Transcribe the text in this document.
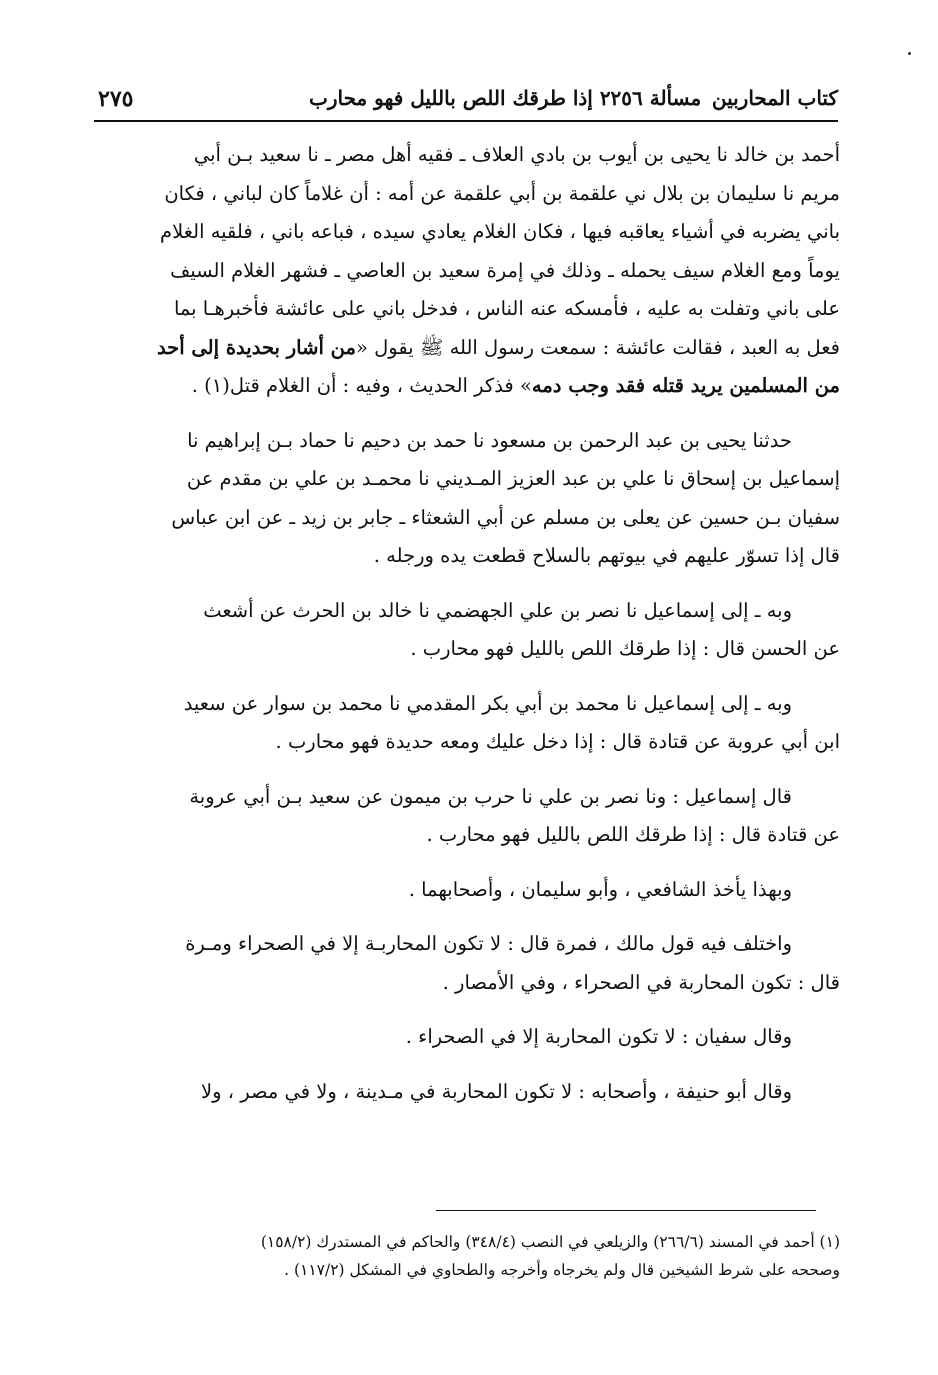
٢٧٥	مسألة ٢٢٥٦ إذا طرقك اللص بالليل فهو محارب كتاب المحاربين
أحمد بن خالد نا يحيى بن أيوب بن بادي العلاف ـ فقيه أهل مصر ـ نا سعيد بـن أبي
مريم نا سليمان بن بلال ني علقمة بن أبي علقمة عن أمه : أن غلاماً كان لباني ، فكان
باني يضربه في أشياء يعاقبه فيها ، فكان الغلام يعادي سيده ، فباعه باني ، فلقيه الغلام
يوماً ومع الغلام سيف يحمله ـ وذلك في إمرة سعيد بن العاصي ـ فشهر الغلام السيف
على باني وتفلت به عليه ، فأمسكه عنه الناس ، فدخل باني على عائشة فأخبرهـا بما
فعل به العبد ، فقالت عائشة : سمعت رسول الله ﷺ يقول «من أشار بحديدة إلى أحد
من المسلمين يريد قتله فقد وجب دمه» فذكر الحديث ، وفيه : أن الغلام قتل(١) .
حدثنا يحيى بن عبد الرحمن بن مسعود نا حمد بن دحيم نا حماد بـن إبراهيم نا
إسماعيل بن إسحاق نا علي بن عبد العزيز المـديني نا محمـد بن علي بن مقدم عن
سفيان بـن حسين عن يعلى بن مسلم عن أبي الشعثاء ـ جابر بن زيد ـ عن ابن عباس
قال إذا تسوّر عليهم في بيوتهم بالسلاح قطعت يده ورجله .
وبه ـ إلى إسماعيل نا نصر بن علي الجهضمي نا خالد بن الحرث عن أشعث
عن الحسن قال : إذا طرقك اللص بالليل فهو محارب .
وبه ـ إلى إسماعيل نا محمد بن أبي بكر المقدمي نا محمد بن سوار عن سعيد
ابن أبي عروبة عن قتادة قال : إذا دخل عليك ومعه حديدة فهو محارب .
قال إسماعيل : ونا نصر بن علي نا حرب بن ميمون عن سعيد بـن أبي عروبة
عن قتادة قال : إذا طرقك اللص بالليل فهو محارب .
وبهذا يأخذ الشافعي ، وأبو سليمان ، وأصحابهما .
واختلف فيه قول مالك ، فمرة قال : لا تكون المحاربـة إلا في الصحراء ومـرة
قال : تكون المحاربة في الصحراء ، وفي الأمصار .
وقال سفيان : لا تكون المحاربة إلا في الصحراء .
وقال أبو حنيفة ، وأصحابه : لا تكون المحاربة في مـدينة ، ولا في مصر ، ولا
(١) أحمد في المسند (٢٦٦/٦) والزيلعي في النصب (٣٤٨/٤) والحاكم في المستدرك (١٥٨/٢)
وصححه على شرط الشيخين قال ولم يخرجاه وأخرجه والطحاوي في المشكل (١١٧/٢) .
